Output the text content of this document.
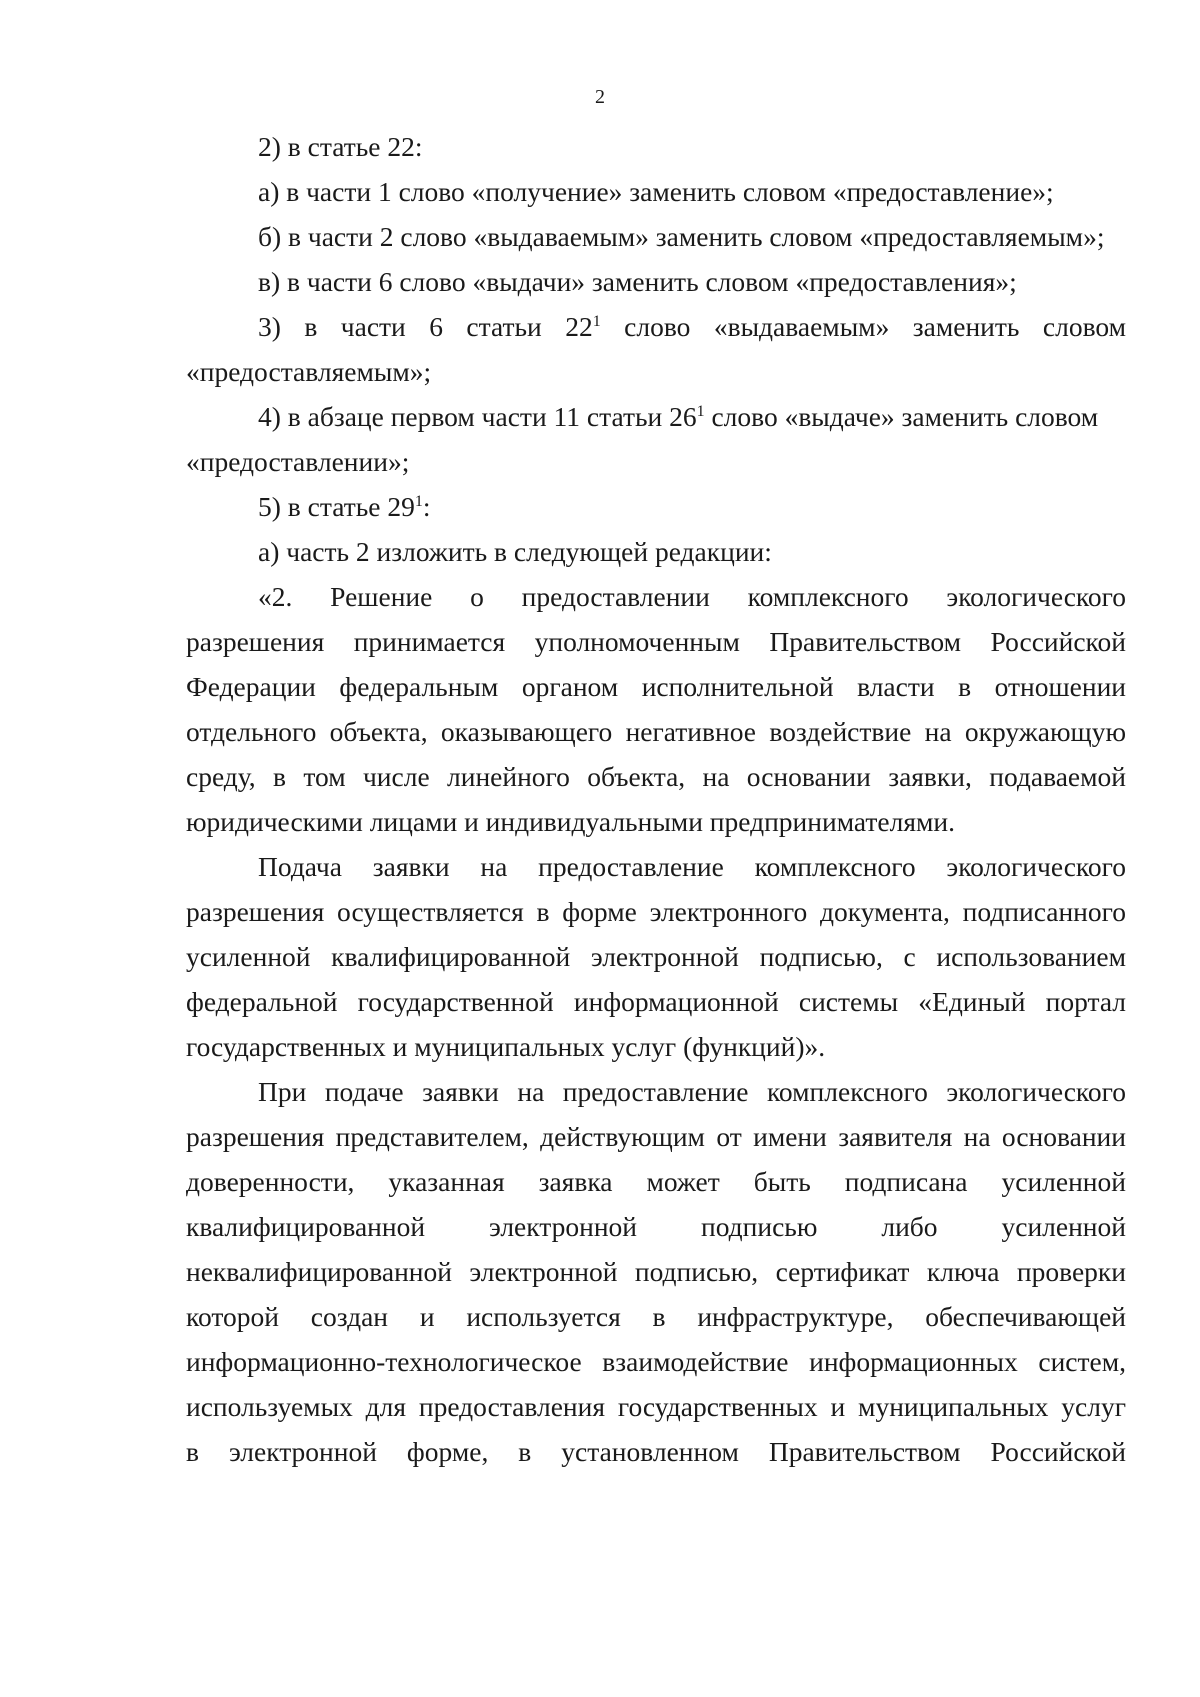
2
2) в статье 22:
а) в части 1 слово «получение» заменить словом «предоставление»;
б) в части 2 слово «выдаваемым» заменить словом «предоставляемым»;
в) в части 6 слово «выдачи» заменить словом «предоставления»;
3) в части 6 статьи $22^1$ слово «выдаваемым» заменить словом
«предоставляемым»;
4) в абзаце первом части 11 статьи $26^1$ слово «выдаче» заменить словом
«предоставлении»;
5) в статье $29^1$:
а) часть 2 изложить в следующей редакции:
«2. Решение о предоставлении комплексного экологического
разрешения принимается уполномоченным Правительством Российской
Федерации федеральным органом исполнительной власти в отношении
отдельного объекта, оказывающего негативное воздействие на окружающую
среду, в том числе линейного объекта, на основании заявки, подаваемой
юридическими лицами и индивидуальными предпринимателями.
Подача заявки на предоставление комплексного экологического
разрешения осуществляется в форме электронного документа, подписанного
усиленной квалифицированной электронной подписью, с использованием
федеральной государственной информационной системы «Единый портал
государственных и муниципальных услуг (функций)».
При подаче заявки на предоставление комплексного экологического
разрешения представителем, действующим от имени заявителя на основании
доверенности, указанная заявка может быть подписана усиленной
квалифицированной электронной подписью либо усиленной
неквалифицированной электронной подписью, сертификат ключа проверки
которой создан и используется в инфраструктуре, обеспечивающей
информационно-технологическое взаимодействие информационных систем,
используемых для предоставления государственных и муниципальных услуг
в электронной форме, в установленном Правительством Российской
